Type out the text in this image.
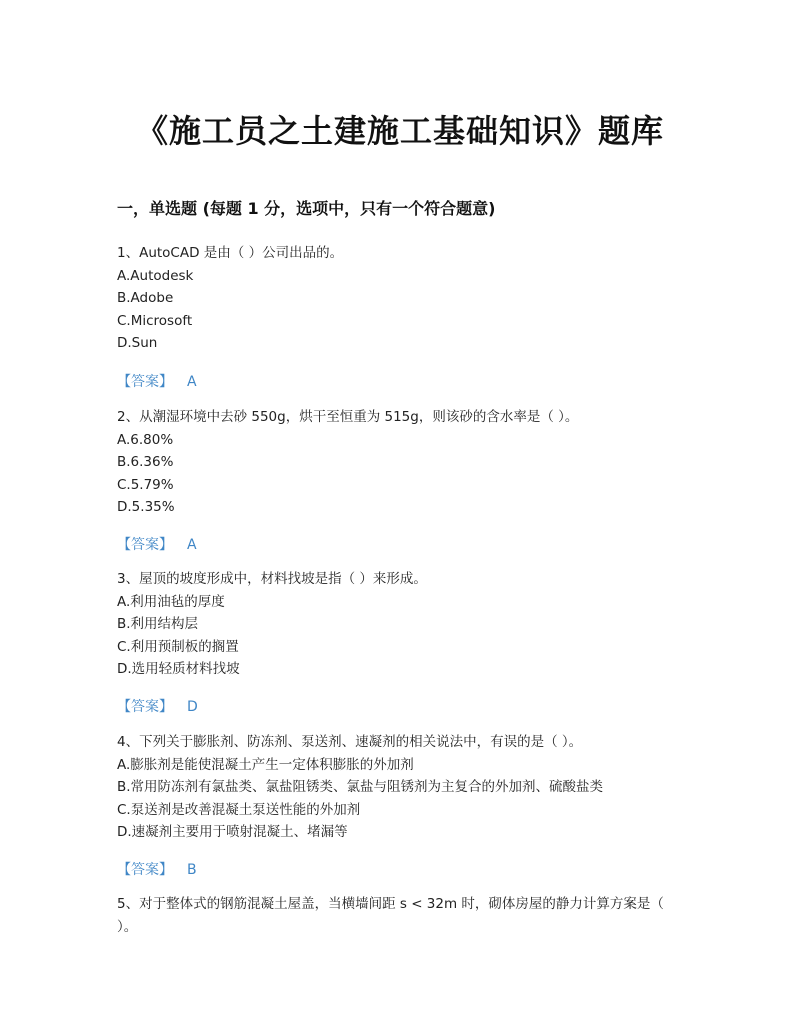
《施工员之土建施工基础知识》题库
一，单选题 (每题 1 分，选项中，只有一个符合题意)
1、AutoCAD 是由（ ）公司出品的。
A.Autodesk
B.Adobe
C.Microsoft
D.Sun
【答案】 A
2、从潮湿环境中去砂 550g，烘干至恒重为 515g，则该砂的含水率是（ ）。
A.6.80%
B.6.36%
C.5.79%
D.5.35%
【答案】 A
3、屋顶的坡度形成中，材料找坡是指（ ）来形成。
A.利用油毡的厚度
B.利用结构层
C.利用预制板的搁置
D.选用轻质材料找坡
【答案】 D
4、下列关于膨胀剂、防冻剂、泵送剂、速凝剂的相关说法中，有误的是（ ）。
A.膨胀剂是能使混凝土产生一定体积膨胀的外加剂
B.常用防冻剂有氯盐类、氯盐阻锈类、氯盐与阻锈剂为主复合的外加剂、硫酸盐类
C.泵送剂是改善混凝土泵送性能的外加剂
D.速凝剂主要用于喷射混凝土、堵漏等
【答案】 B
5、对于整体式的钢筋混凝土屋盖，当横墙间距 s < 32m 时，砌体房屋的静力计算方案是（ ）。
